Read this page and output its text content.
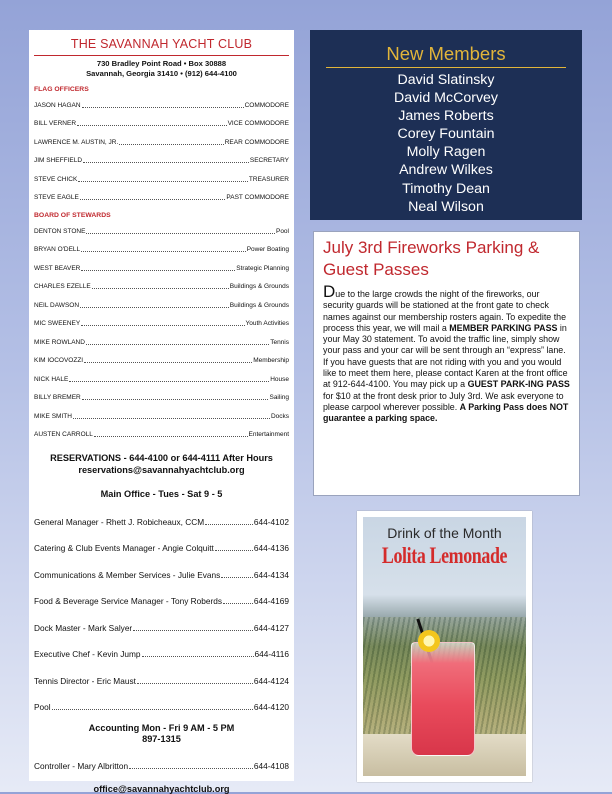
THE SAVANNAH YACHT CLUB
730 Bradley Point Road • Box 30888
Savannah, Georgia 31410 • (912) 644-4100
FLAG OFFICERS
JASON HAGAN	COMMODORE
BILL VERNER	VICE COMMODORE
LAWRENCE M. AUSTIN, JR.	REAR COMMODORE
JIM SHEFFIELD	SECRETARY
STEVE CHICK	TREASURER
STEVE EAGLE	PAST COMMODORE
BOARD OF STEWARDS
DENTON STONE	Pool
BRYAN O'DELL	Power Boating
WEST BEAVER	Strategic Planning
CHARLES EZELLE	Buildings & Grounds
NEIL DAWSON	Buildings & Grounds
MIC SWEENEY	Youth Activities
MIKE ROWLAND	Tennis
KIM IOCOVOZZI	Membership
NICK HALE	House
BILLY BREMER	Sailing
MIKE SMITH	Docks
AUSTEN CARROLL	Entertainment
RESERVATIONS - 644-4100 or 644-4111 After Hours
reservations@savannahyachtclub.org
Main Office - Tues - Sat 9 - 5
General Manager - Rhett J. Robicheaux, CCM	644-4102
Catering & Club Events Manager - Angie Colquitt	644-4136
Communications & Member Services - Julie Evans	644-4134
Food & Beverage Service Manager - Tony Roberds	644-4169
Dock Master - Mark Salyer	644-4127
Executive Chef - Kevin Jump	644-4116
Tennis Director - Eric Maust	644-4124
Pool	644-4120
Accounting Mon - Fri 9 AM - 5 PM
897-1315
Controller - Mary Albritton	644-4108
office@savannahyachtclub.org
New Members
David Slatinsky
David McCorvey
James Roberts
Corey Fountain
Molly Ragen
Andrew Wilkes
Timothy Dean
Neal Wilson
July 3rd Fireworks Parking & Guest Passes
Due to the large crowds the night of the fireworks, our security guards will be stationed at the front gate to check names against our membership rosters again. To expedite the process this year, we will mail a MEMBER PARKING PASS in your May 30 statement. To avoid the traffic line, simply show your pass and your car will be sent through an “express” lane. If you have guests that are not riding with you and you would like to meet them here, please contact Karen at the front office at 912-644-4100. You may pick up a GUEST PARK-ING PASS for $10 at the front desk prior to July 3rd. We ask everyone to please carpool wherever possible. A Parking Pass does NOT guarantee a parking space.
Drink of the Month
Lolita Lemonade
